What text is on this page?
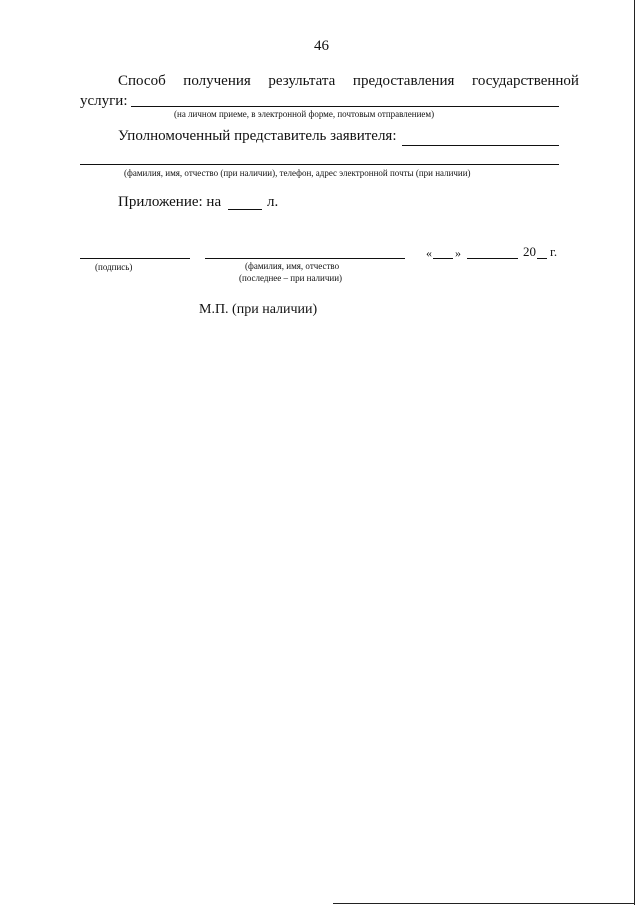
46
Способ получения результата предоставления государственной
услуги:
(на личном приеме, в электронной форме, почтовым отправлением)
Уполномоченный представитель заявителя:
(фамилия, имя, отчество (при наличии), телефон, адрес электронной почты (при наличии)
Приложение: на	л.
« »	20 г.
(подпись)	(фамилия, имя, отчество
(последнее – при наличии)
М.П. (при наличии)
